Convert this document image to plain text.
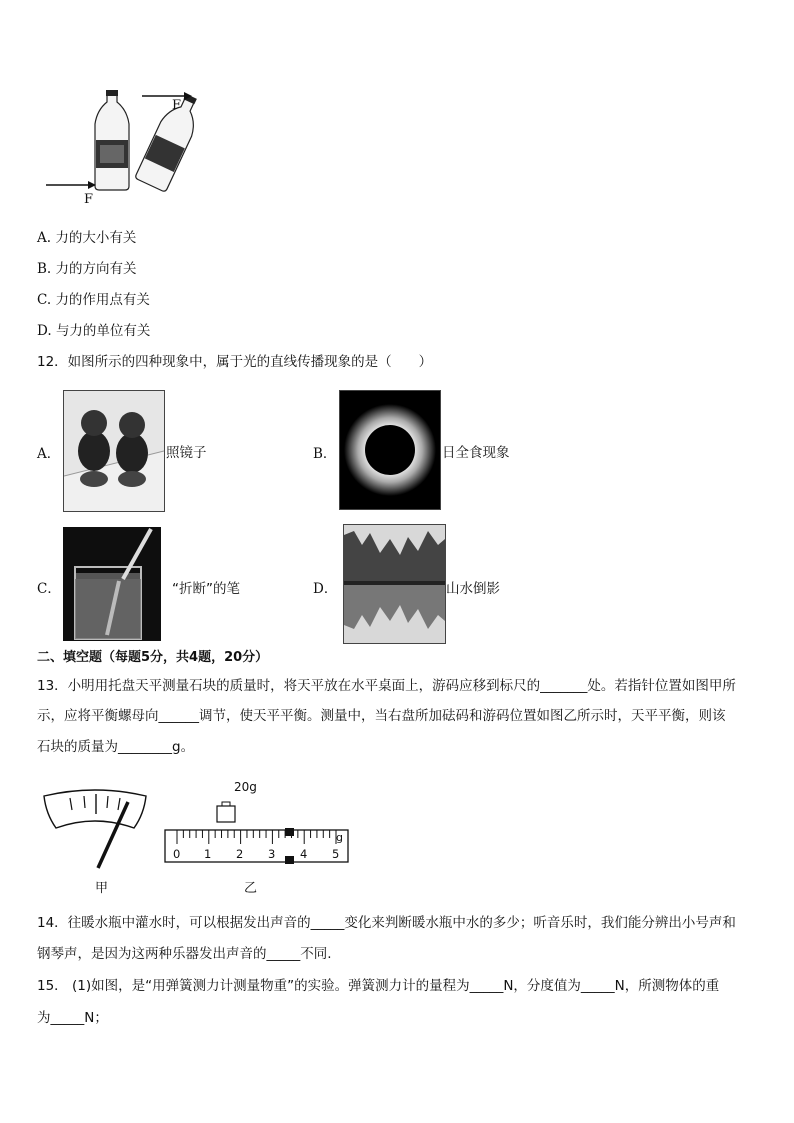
F
F
A. 力的大小有关
B. 力的方向有关
C. 力的作用点有关
D. 与力的单位有关
12．如图所示的四种现象中，属于光的直线传播现象的是（　　）
A．	照镜子	B．	日全食现象
C．	“折断”的笔	D．	山水倒影
二、填空题（每题5分，共4题，20分）
13．小明用托盘天平测量石块的质量时，将天平放在水平桌面上，游码应移到标尺的_______处。若指针位置如图甲所
示，应将平衡螺母向______调节，使天平平衡。测量中，当右盘所加砝码和游码位置如图乙所示时，天平平衡，则该
石块的质量为________g。
甲
20g
g
0 1 2 3 4 5
乙
14．往暖水瓶中灌水时，可以根据发出声音的_____变化来判断暖水瓶中水的多少；听音乐时，我们能分辨出小号声和
钢琴声，是因为这两种乐器发出声音的_____不同.
15． (1)如图，是“用弹簧测力计测量物重”的实验。弹簧测力计的量程为_____N，分度值为_____N，所测物体的重
为_____N；
